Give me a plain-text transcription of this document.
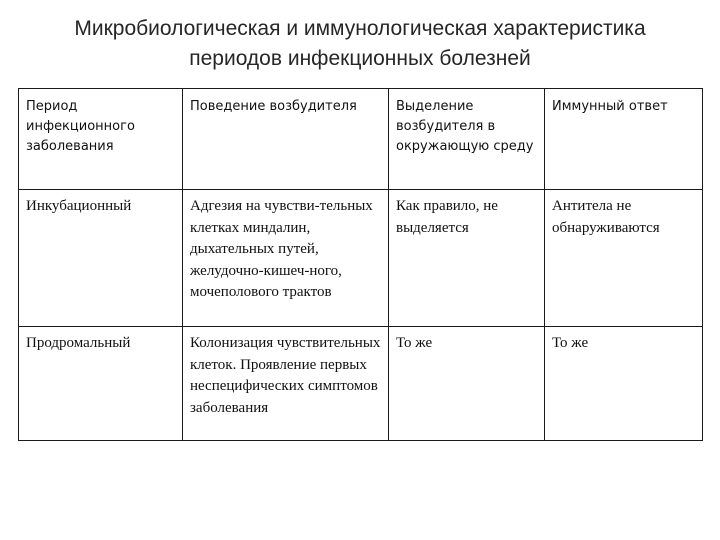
Микробиологическая и иммунологическая характеристика
периодов инфекционных болезней
Период инфекционного заболевания	Поведение возбудителя	Выделение возбудителя в окружающую среду	Иммунный ответ
Инкубационный	Адгезия на чувстви-тельных клетках миндалин, дыхательных путей, желудочно-кишеч-ного, мочеполового трактов	Как правило, не выделяется	Антитела не обнаруживаются
Продромальный	Колонизация чувствительных клеток. Проявление первых неспецифических симптомов заболевания	То же	То же
